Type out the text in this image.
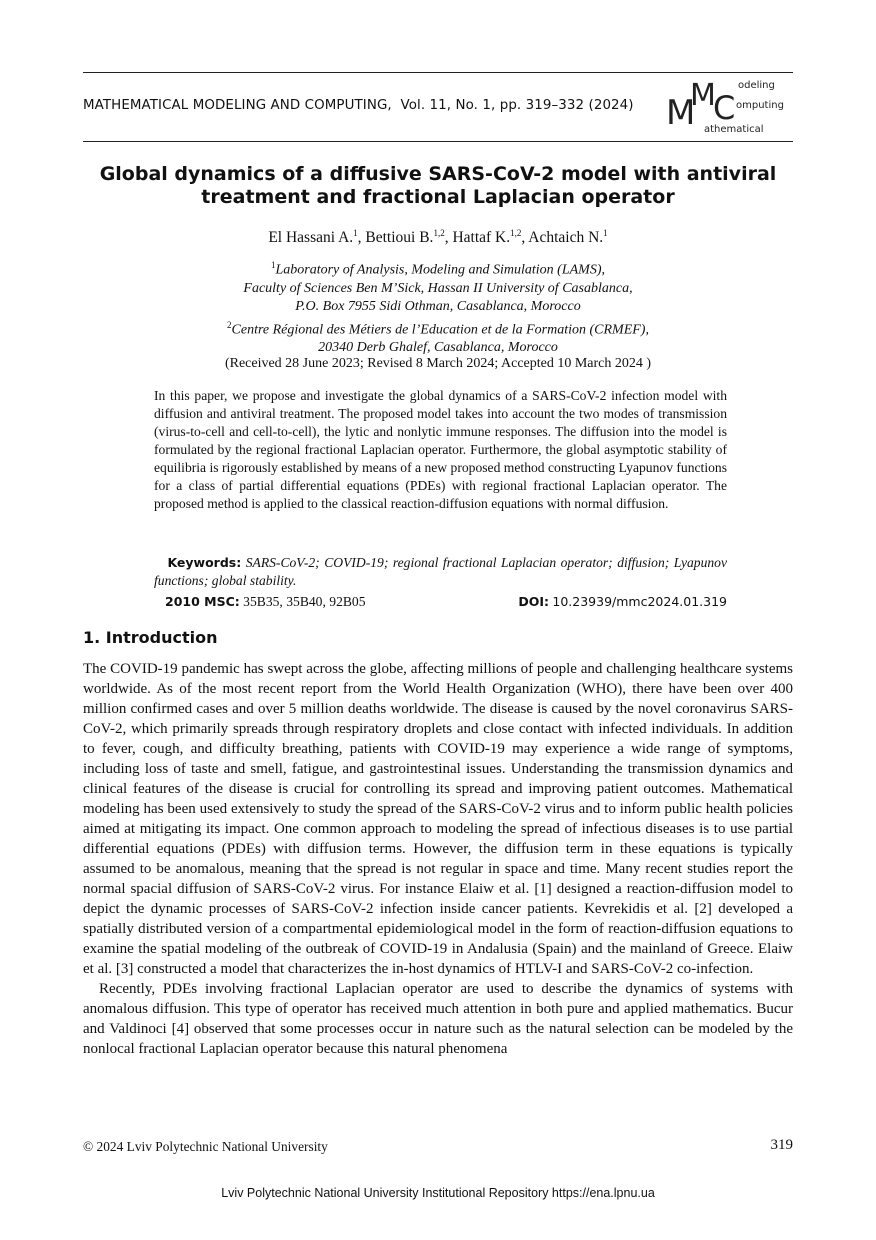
MATHEMATICAL MODELING AND COMPUTING, Vol. 11, No. 1, pp. 319–332 (2024) M
M
C
odeling
omputing
athematical
Global dynamics of a diffusive SARS-CoV-2 model with antiviral treatment and fractional Laplacian operator
El Hassani A.$^1$, Bettioui B.$^{1,2}$, Hattaf K.$^{1,2}$, Achtaich N.$^1$
$^1$Laboratory of Analysis, Modeling and Simulation (LAMS),
Faculty of Sciences Ben M’Sick, Hassan II University of Casablanca,
P.O. Box 7955 Sidi Othman, Casablanca, Morocco
$^2$Centre Régional des Métiers de l’Education et de la Formation (CRMEF),
20340 Derb Ghalef, Casablanca, Morocco
(Received 28 June 2023; Revised 8 March 2024; Accepted 10 March 2024 )

In this paper, we propose and investigate the global dynamics of a SARS-CoV-2 infection model with diffusion and antiviral treatment. The proposed model takes into account the two modes of transmission (virus-to-cell and cell-to-cell), the lytic and nonlytic immune responses. The diffusion into the model is formulated by the regional fractional Laplacian operator. Furthermore, the global asymptotic stability of equilibria is rigorously established by means of a new proposed method constructing Lyapunov functions for a class of partial differential equations (PDEs) with regional fractional Laplacian operator. The proposed method is applied to the classical reaction-diffusion equations with normal diffusion.

Keywords: SARS-CoV-2; COVID-19; regional fractional Laplacian operator; diffusion; Lyapunov functions; global stability.
2010 MSC: 35B35, 35B40, 92B05	DOI: 10.23939/mmc2024.01.319
1. Introduction

The COVID-19 pandemic has swept across the globe, affecting millions of people and challenging healthcare systems worldwide. As of the most recent report from the World Health Organization (WHO), there have been over 400 million confirmed cases and over 5 million deaths worldwide. The disease is caused by the novel coronavirus SARS-CoV-2, which primarily spreads through respiratory droplets and close contact with infected individuals. In addition to fever, cough, and difficulty breathing, patients with COVID-19 may experience a wide range of symptoms, including loss of taste and smell, fatigue, and gastrointestinal issues. Understanding the transmission dynamics and clinical features of the disease is crucial for controlling its spread and improving patient outcomes. Mathematical modeling has been used extensively to study the spread of the SARS-CoV-2 virus and to inform public health policies aimed at mitigating its impact. One common approach to modeling the spread of infectious diseases is to use partial differential equations (PDEs) with diffusion terms. However, the diffusion term in these equations is typically assumed to be anomalous, meaning that the spread is not regular in space and time. Many recent studies report the normal spacial diffusion of SARS-CoV-2 virus. For instance Elaiw et al. [1] designed a reaction-diffusion model to depict the dynamic processes of SARS-CoV-2 infection inside cancer patients. Kevrekidis et al. [2] developed a spatially distributed version of a compartmental epidemiological model in the form of reaction-diffusion equations to examine the spatial modeling of the outbreak of COVID-19 in Andalusia (Spain) and the mainland of Greece. Elaiw et al. [3] constructed a model that characterizes the in-host dynamics of HTLV-I and SARS-CoV-2 co-infection.

Recently, PDEs involving fractional Laplacian operator are used to describe the dynamics of systems with anomalous diffusion. This type of operator has received much attention in both pure and applied mathematics. Bucur and Valdinoci [4] observed that some processes occur in nature such as the natural selection can be modeled by the nonlocal fractional Laplacian operator because this natural phenomena

© 2024 Lviv Polytechnic National University	319
Lviv Polytechnic National University Institutional Repository https://ena.lpnu.ua
